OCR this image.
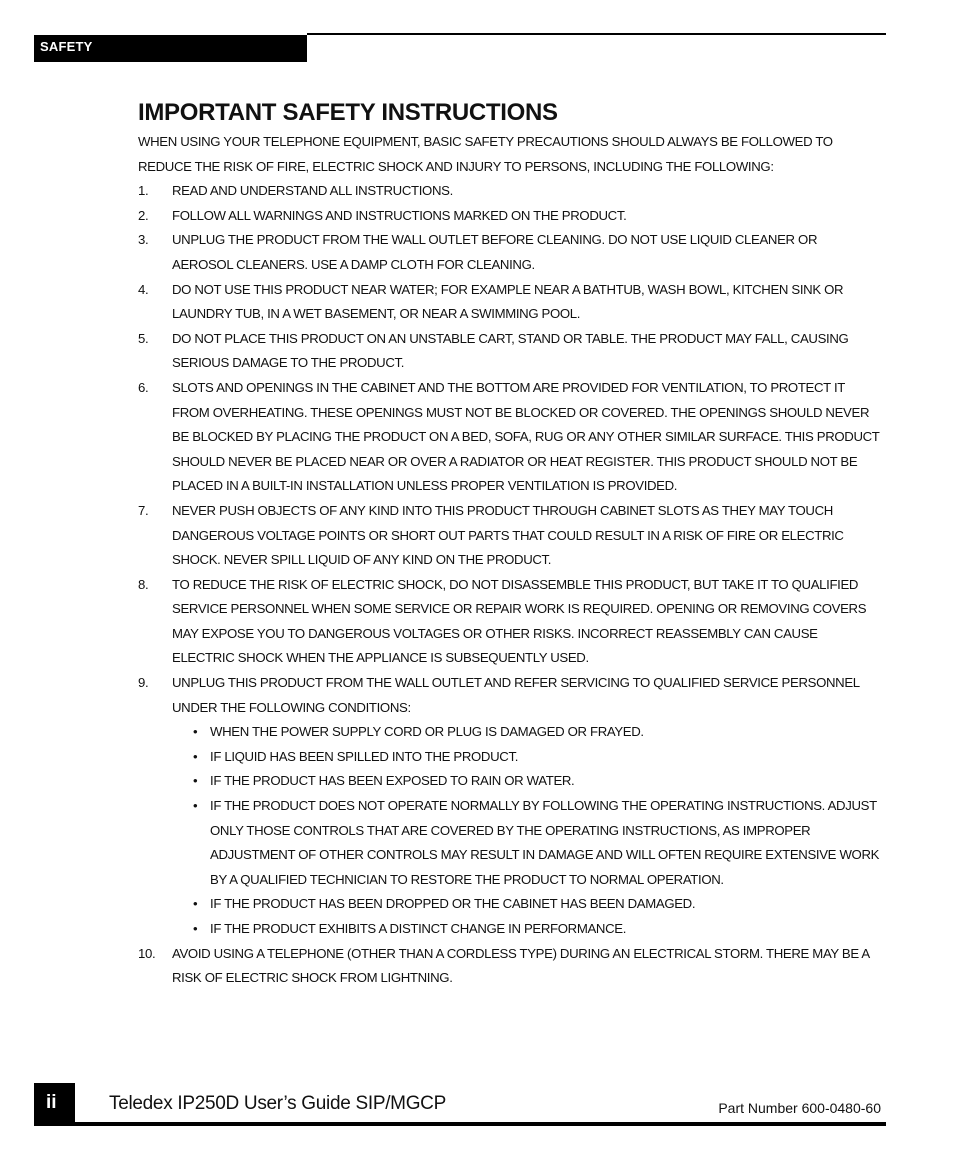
SAFETY
IMPORTANT SAFETY INSTRUCTIONS

WHEN USING YOUR TELEPHONE EQUIPMENT, BASIC SAFETY PRECAUTIONS SHOULD ALWAYS BE FOLLOWED TO REDUCE THE RISK OF FIRE, ELECTRIC SHOCK AND INJURY TO PERSONS, INCLUDING THE FOLLOWING:

1. READ AND UNDERSTAND ALL INSTRUCTIONS.
2. FOLLOW ALL WARNINGS AND INSTRUCTIONS MARKED ON THE PRODUCT.
3. UNPLUG THE PRODUCT FROM THE WALL OUTLET BEFORE CLEANING. DO NOT USE LIQUID CLEANER OR AEROSOL CLEANERS. USE A DAMP CLOTH FOR CLEANING.
4. DO NOT USE THIS PRODUCT NEAR WATER; FOR EXAMPLE NEAR A BATHTUB, WASH BOWL, KITCHEN SINK OR LAUNDRY TUB, IN A WET BASEMENT, OR NEAR A SWIMMING POOL.
5. DO NOT PLACE THIS PRODUCT ON AN UNSTABLE CART, STAND OR TABLE. THE PRODUCT MAY FALL, CAUSING SERIOUS DAMAGE TO THE PRODUCT.
6. SLOTS AND OPENINGS IN THE CABINET AND THE BOTTOM ARE PROVIDED FOR VENTILATION, TO PROTECT IT FROM OVERHEATING. THESE OPENINGS MUST NOT BE BLOCKED OR COVERED. THE OPENINGS SHOULD NEVER BE BLOCKED BY PLACING THE PRODUCT ON A BED, SOFA, RUG OR ANY OTHER SIMILAR SURFACE. THIS PRODUCT SHOULD NEVER BE PLACED NEAR OR OVER A RADIATOR OR HEAT REGISTER. THIS PRODUCT SHOULD NOT BE PLACED IN A BUILT-IN INSTALLATION UNLESS PROPER VENTILATION IS PROVIDED.
7. NEVER PUSH OBJECTS OF ANY KIND INTO THIS PRODUCT THROUGH CABINET SLOTS AS THEY MAY TOUCH DANGEROUS VOLTAGE POINTS OR SHORT OUT PARTS THAT COULD RESULT IN A RISK OF FIRE OR ELECTRIC SHOCK. NEVER SPILL LIQUID OF ANY KIND ON THE PRODUCT.
8. TO REDUCE THE RISK OF ELECTRIC SHOCK, DO NOT DISASSEMBLE THIS PRODUCT, BUT TAKE IT TO QUALIFIED SERVICE PERSONNEL WHEN SOME SERVICE OR REPAIR WORK IS REQUIRED. OPENING OR REMOVING COVERS MAY EXPOSE YOU TO DANGEROUS VOLTAGES OR OTHER RISKS. INCORRECT REASSEMBLY CAN CAUSE ELECTRIC SHOCK WHEN THE APPLIANCE IS SUBSEQUENTLY USED.
9. UNPLUG THIS PRODUCT FROM THE WALL OUTLET AND REFER SERVICING TO QUALIFIED SERVICE PERSONNEL UNDER THE FOLLOWING CONDITIONS:
• WHEN THE POWER SUPPLY CORD OR PLUG IS DAMAGED OR FRAYED.
• IF LIQUID HAS BEEN SPILLED INTO THE PRODUCT.
• IF THE PRODUCT HAS BEEN EXPOSED TO RAIN OR WATER.
• IF THE PRODUCT DOES NOT OPERATE NORMALLY BY FOLLOWING THE OPERATING INSTRUCTIONS. ADJUST ONLY THOSE CONTROLS THAT ARE COVERED BY THE OPERATING INSTRUCTIONS, AS IMPROPER ADJUSTMENT OF OTHER CONTROLS MAY RESULT IN DAMAGE AND WILL OFTEN REQUIRE EXTENSIVE WORK BY A QUALIFIED TECHNICIAN TO RESTORE THE PRODUCT TO NORMAL OPERATION.
• IF THE PRODUCT HAS BEEN DROPPED OR THE CABINET HAS BEEN DAMAGED.
• IF THE PRODUCT EXHIBITS A DISTINCT CHANGE IN PERFORMANCE.
10. AVOID USING A TELEPHONE (OTHER THAN A CORDLESS TYPE) DURING AN ELECTRICAL STORM. THERE MAY BE A RISK OF ELECTRIC SHOCK FROM LIGHTNING.
ii	Teledex IP250D User’s Guide SIP/MGCP	Part Number 600-0480-60
